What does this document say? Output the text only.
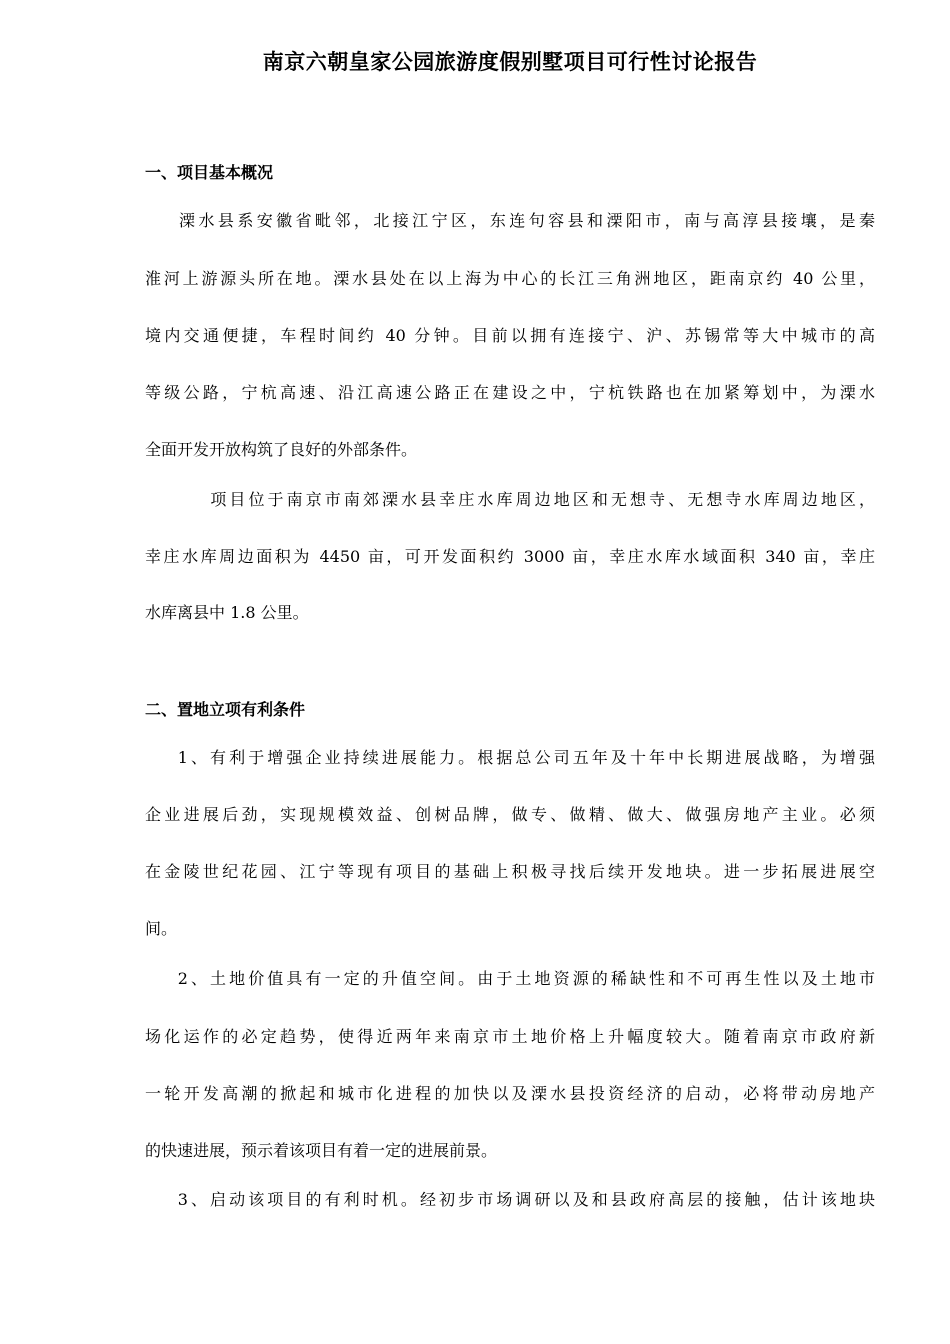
南京六朝皇家公园旅游度假别墅项目可行性讨论报告
一、项目基本概况
溧水县系安徽省毗邻，北接江宁区，东连句容县和溧阳市，南与高淳县接壤，是秦
淮河上游源头所在地。溧水县处在以上海为中心的长江三角洲地区，距南京约 40 公里，
境内交通便捷，车程时间约 40 分钟。目前以拥有连接宁、沪、苏锡常等大中城市的高
等级公路，宁杭高速、沿江高速公路正在建设之中，宁杭铁路也在加紧筹划中，为溧水
全面开发开放构筑了良好的外部条件。
项目位于南京市南郊溧水县幸庄水库周边地区和无想寺、无想寺水库周边地区，
幸庄水库周边面积为 4450 亩，可开发面积约 3000 亩，幸庄水库水域面积 340 亩，幸庄
水库离县中 1.8 公里。
二、置地立项有利条件
1、有利于增强企业持续进展能力。根据总公司五年及十年中长期进展战略，为增强
企业进展后劲，实现规模效益、创树品牌，做专、做精、做大、做强房地产主业。必须
在金陵世纪花园、江宁等现有项目的基础上积极寻找后续开发地块。进一步拓展进展空
间。
2、土地价值具有一定的升值空间。由于土地资源的稀缺性和不可再生性以及土地市
场化运作的必定趋势，使得近两年来南京市土地价格上升幅度较大。随着南京市政府新
一轮开发高潮的掀起和城市化进程的加快以及溧水县投资经济的启动，必将带动房地产
的快速进展，预示着该项目有着一定的进展前景。
3、启动该项目的有利时机。经初步市场调研以及和县政府高层的接触，估计该地块
